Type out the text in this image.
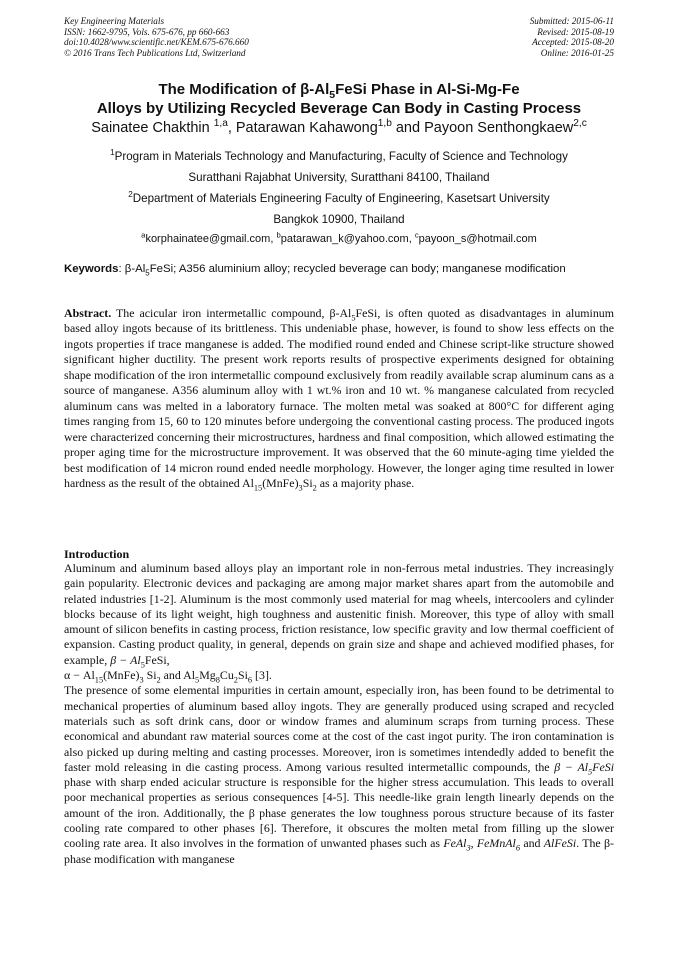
Key Engineering Materials
ISSN: 1662-9795, Vols. 675-676, pp 660-663
doi:10.4028/www.scientific.net/KEM.675-676.660
© 2016 Trans Tech Publications Ltd, Switzerland
Submitted: 2015-06-11
Revised: 2015-08-19
Accepted: 2015-08-20
Online: 2016-01-25
The Modification of $\beta-Al_5FeSi$ Phase in Al-Si-Mg-Fe
Alloys by Utilizing Recycled Beverage Can Body in Casting Process
Sainatee Chakthin $^{1,a}$, Patarawan Kahawong$^{1,b}$ and Payoon Senthongkaew$^{2,c}$
$^1$Program in Materials Technology and Manufacturing, Faculty of Science and Technology
Suratthani Rajabhat University, Suratthani 84100, Thailand
$^2$Department of Materials Engineering Faculty of Engineering, Kasetsart University
Bangkok 10900, Thailand
$^a$korphainatee@gmail.com, $^b$patarawan_k@yahoo.com, $^c$payoon_s@hotmail.com
Keywords: $\beta-Al_5FeSi$; A356 aluminium alloy; recycled beverage can body; manganese modification
Abstract. The acicular iron intermetallic compound, $\beta-Al_5FeSi$, is often quoted as disadvantages in aluminum based alloy ingots because of its brittleness. This undeniable phase, however, is found to show less effects on the ingots properties if trace manganese is added. The modified round ended and Chinese script-like structure showed significant higher ductility. The present work reports results of prospective experiments designed for obtaining shape modification of the iron intermetallic compound exclusively from readily available scrap aluminum cans as a source of manganese. A356 aluminum alloy with 1 wt.% iron and 10 wt. % manganese calculated from recycled aluminum cans was melted in a laboratory furnace. The molten metal was soaked at 800°C for different aging times ranging from 15, 60 to 120 minutes before undergoing the conventional casting process. The produced ingots were characterized concerning their microstructures, hardness and final composition, which allowed estimating the proper aging time for the microstructure improvement. It was observed that the 60 minute-aging time yielded the best modification of 14 micron round ended needle morphology. However, the longer aging time resulted in lower hardness as the result of the obtained $Al_{15}(MnFe)_3Si_2$ as a majority phase.
Introduction

Aluminum and aluminum based alloys play an important role in non-ferrous metal industries. They increasingly gain popularity. Electronic devices and packaging are among major market shares apart from the automobile and related industries [1-2]. Aluminum is the most commonly used material for mag wheels, intercoolers and cylinder blocks because of its light weight, high toughness and austenitic finish. Moreover, this type of alloy with small amount of silicon benefits in casting process, friction resistance, low specific gravity and low thermal coefficient of expansion. Casting product quality, in general, depends on grain size and shape and achieved modified phases, for example, $\beta - Al_5FeSi$,
$\alpha - Al_{15}(MnFe)_3$ $Si_2$ and $Al_5Mg_8Cu_2Si_6$ [3].

The presence of some elemental impurities in certain amount, especially iron, has been found to be detrimental to mechanical properties of aluminum based alloy ingots. They are generally produced using scraped and recycled materials such as soft drink cans, door or window frames and aluminum scraps from turning process. These economical and abundant raw material sources come at the cost of the cast ingot purity. The iron contamination is also picked up during melting and casting processes. Moreover, iron is sometimes intendedly added to benefit the faster mold releasing in die casting process. Among various resulted intermetallic compounds, the $\beta - Al_5FeSi$ phase with sharp ended acicular structure is responsible for the higher stress accumulation. This leads to overall poor mechanical properties as serious consequences [4-5]. This needle-like grain length linearly depends on the amount of the iron. Additionally, the β phase generates the low toughness porous structure because of its faster cooling rate compared to other phases [6]. Therefore, it obscures the molten metal from filling up the slower cooling rate area. It also involves in the formation of unwanted phases such as FeAl$_3$, FeMnAl$_6$ and AlFeSi. The β-phase modification with manganese
